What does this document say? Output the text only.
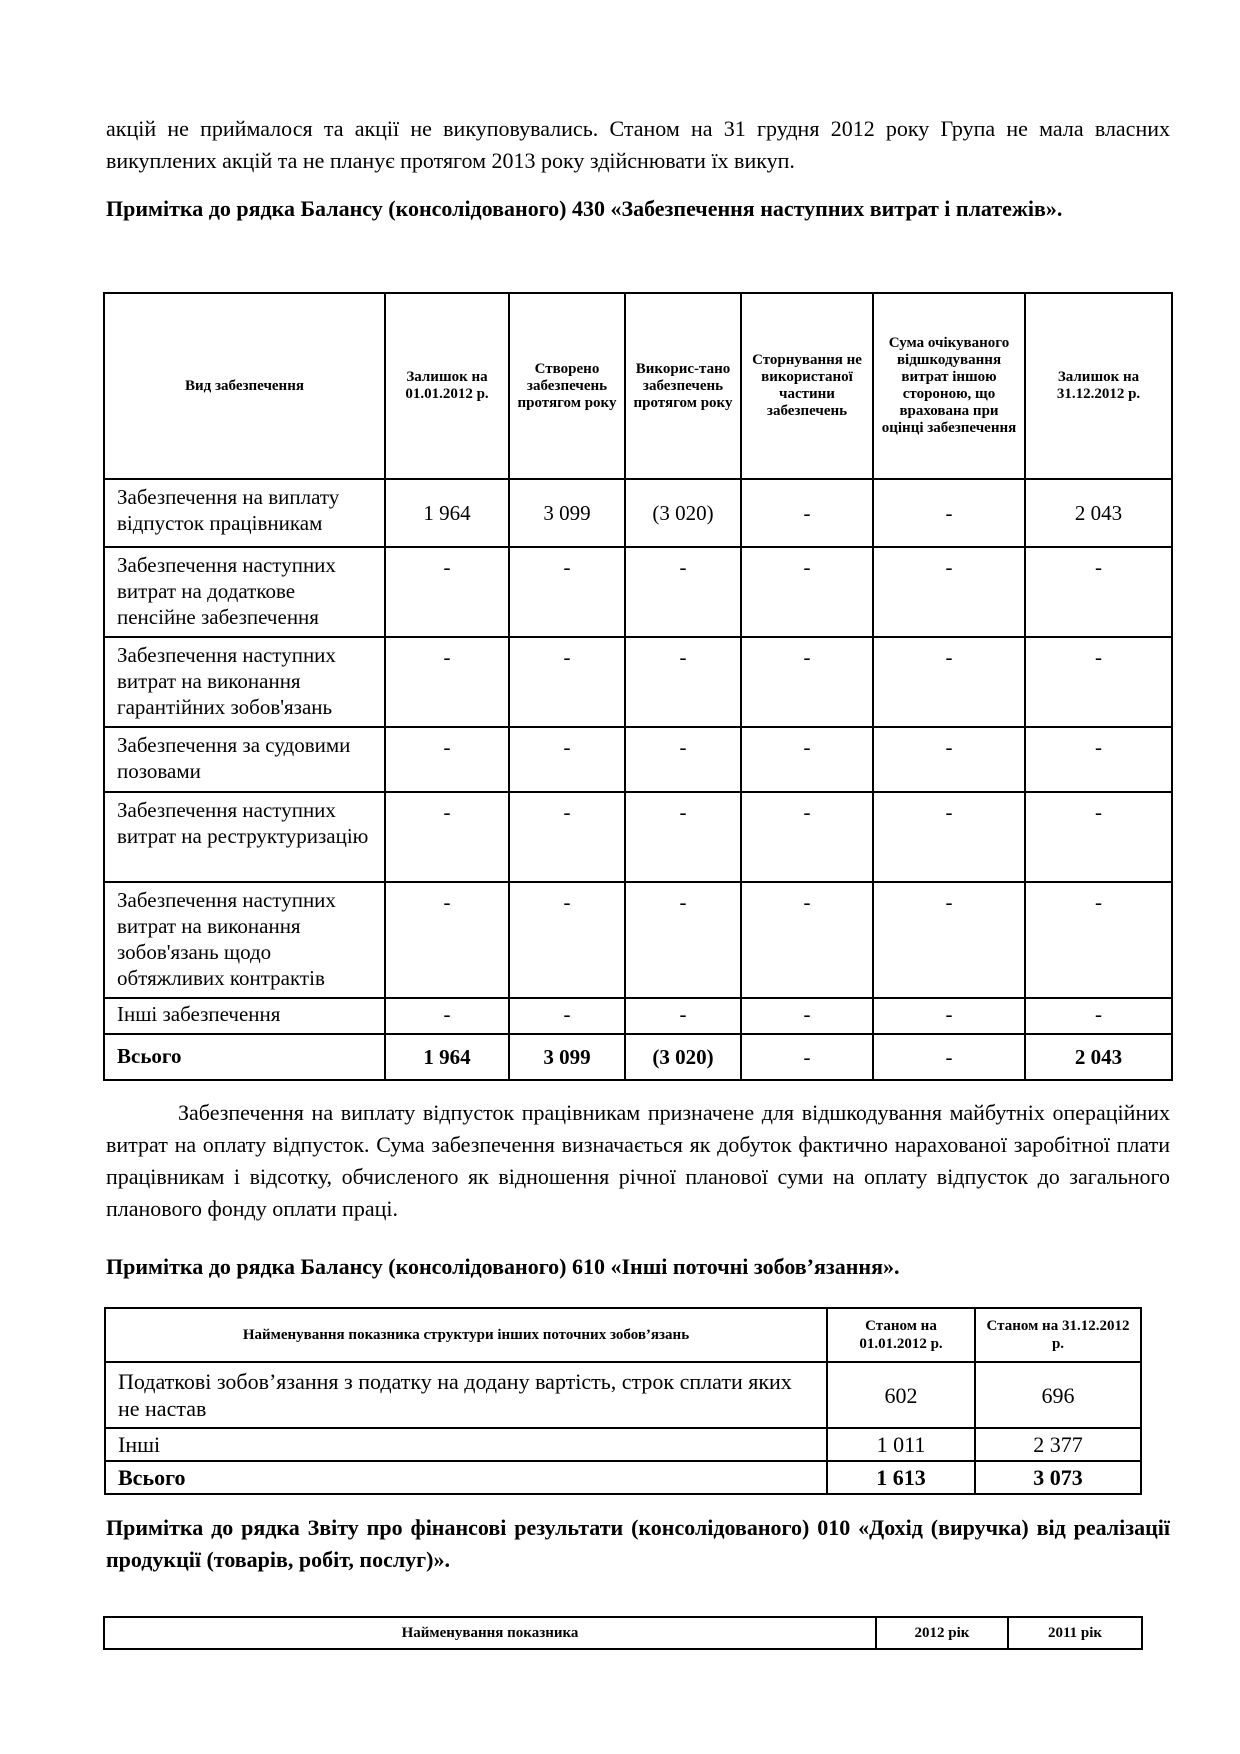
акцій не приймалося та акції не викуповувались. Станом на 31 грудня 2012 року Група не мала власних викуплених акцій та не планує протягом 2013 року здійснювати їх викуп.

Примітка до рядка Балансу (консолідованого) 430 «Забезпечення наступних витрат і платежів».

Вид забезпечення	Залишок на 01.01.2012 р.	Створено забезпечень протягом року	Викорис-тано забезпечень протягом року	Сторнування не використаної частини забезпечень	Сума очікуваного відшкодування витрат іншою стороною, що врахована при оцінці забезпечення	Залишок на 31.12.2012 р.
Забезпечення на виплату відпусток працівникам	1 964	3 099	(3 020)	-	-	2 043
Забезпечення наступних витрат на додаткове пенсійне забезпечення	-	-	-	-	-	-
Забезпечення наступних витрат на виконання гарантійних зобов'язань	-	-	-	-	-	-
Забезпечення за судовими позовами	-	-	-	-	-	-
Забезпечення наступних витрат на реструктуризацію	-	-	-	-	-	-
Забезпечення наступних витрат на виконання зобов'язань щодо обтяжливих контрактів	-	-	-	-	-	-
Інші забезпечення	-	-	-	-	-	-
Всього	1 964	3 099	(3 020)	-	-	2 043

Забезпечення на виплату відпусток працівникам призначене для відшкодування майбутніх операційних витрат на оплату відпусток. Сума забезпечення визначається як добуток фактично нарахованої заробітної плати працівникам і відсотку, обчисленого як відношення річної планової суми на оплату відпусток до загального планового фонду оплати праці.

Примітка до рядка Балансу (консолідованого) 610 «Інші поточні зобов’язання».

Найменування показника структури інших поточних зобов’язань	Станом на 01.01.2012 р.	Станом на 31.12.2012 р.
Податкові зобов’язання з податку на додану вартість, строк сплати яких не настав	602	696
Інші	1 011	2 377
Всього	1 613	3 073

Примітка до рядка Звіту про фінансові результати (консолідованого) 010 «Дохід (виручка) від реалізації продукції (товарів, робіт, послуг)».

Найменування показника	2012 рік	2011 рік
